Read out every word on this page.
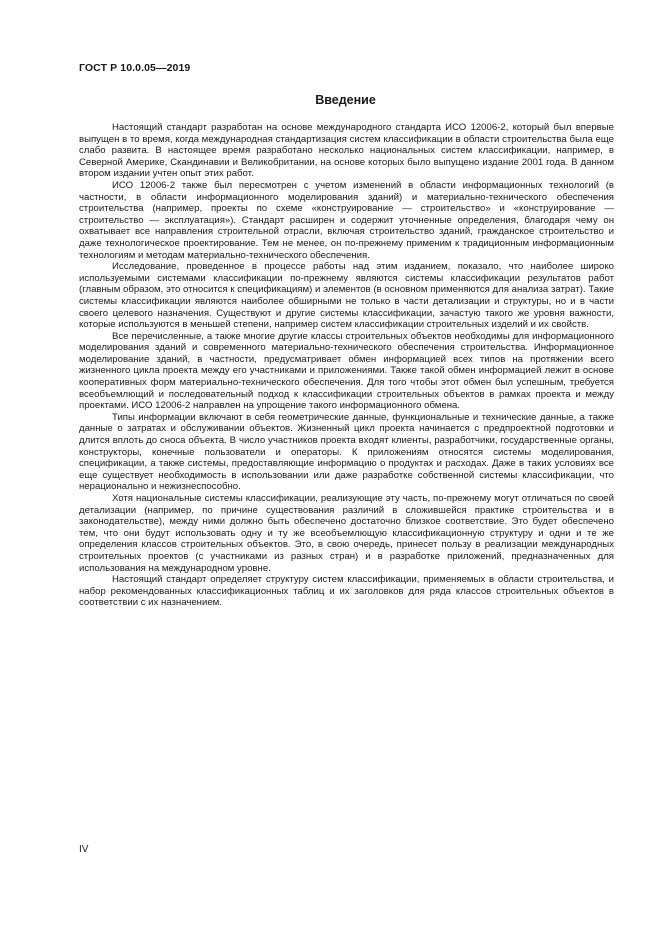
ГОСТ Р 10.0.05—2019
Введение

Настоящий стандарт разработан на основе международного стандарта ИСО 12006-2, который был впервые выпущен в то время, когда международная стандартизация систем классификации в области строительства была еще слабо развита. В настоящее время разработано несколько национальных систем классификации, например, в Северной Америке, Скандинавии и Великобритании, на основе которых было выпущено издание 2001 года. В данном втором издании учтен опыт этих работ.

ИСО 12006-2 также был пересмотрен с учетом изменений в области информационных технологий (в частности, в области информационного моделирования зданий) и материально-технического обеспечения строительства (например, проекты по схеме «конструирование — строительство» и «конструирование — строительство — эксплуатация»). Стандарт расширен и содержит уточненные определения, благодаря чему он охватывает все направления строительной отрасли, включая строительство зданий, гражданское строительство и даже технологическое проектирование. Тем не менее, он по-прежнему применим к традиционным информационным технологиям и методам материально-технического обеспечения.

Исследование, проведенное в процессе работы над этим изданием, показало, что наиболее широко используемыми системами классификации по-прежнему являются системы классификации результатов работ (главным образом, это относится к спецификациям) и элементов (в основном применяются для анализа затрат). Такие системы классификации являются наиболее обширными не только в части детализации и структуры, но и в части своего целевого назначения. Существуют и другие системы классификации, зачастую такого же уровня важности, которые используются в меньшей степени, например систем классификации строительных изделий и их свойств.

Все перечисленные, а также многие другие классы строительных объектов необходимы для информационного моделирования зданий и современного материально-технического обеспечения строительства. Информационное моделирование зданий, в частности, предусматривает обмен информацией всех типов на протяжении всего жизненного цикла проекта между его участниками и приложениями. Также такой обмен информацией лежит в основе кооперативных форм материально-технического обеспечения. Для того чтобы этот обмен был успешным, требуется всеобъемлющий и последовательный подход к классификации строительных объектов в рамках проекта и между проектами. ИСО 12006-2 направлен на упрощение такого информационного обмена.

Типы информации включают в себя геометрические данные, функциональные и технические данные, а также данные о затратах и обслуживании объектов. Жизненный цикл проекта начинается с предпроектной подготовки и длится вплоть до сноса объекта. В число участников проекта входят клиенты, разработчики, государственные органы, конструкторы, конечные пользователи и операторы. К приложениям относятся системы моделирования, спецификации, а также системы, предоставляющие информацию о продуктах и расходах. Даже в таких условиях все еще существует необходимость в использовании или даже разработке собственной системы классификации, что нерационально и нежизнеспособно.

Хотя национальные системы классификации, реализующие эту часть, по-прежнему могут отличаться по своей детализации (например, по причине существования различий в сложившейся практике строительства и в законодательстве), между ними должно быть обеспечено достаточно близкое соответствие. Это будет обеспечено тем, что они будут использовать одну и ту же всеобъемлющую классификационную структуру и одни и те же определения классов строительных объектов. Это, в свою очередь, принесет пользу в реализации международных строительных проектов (с участниками из разных стран) и в разработке приложений, предназначенных для использования на международном уровне.

Настоящий стандарт определяет структуру систем классификации, применяемых в области строительства, и набор рекомендованных классификационных таблиц и их заголовков для ряда классов строительных объектов в соответствии с их назначением.

IV
